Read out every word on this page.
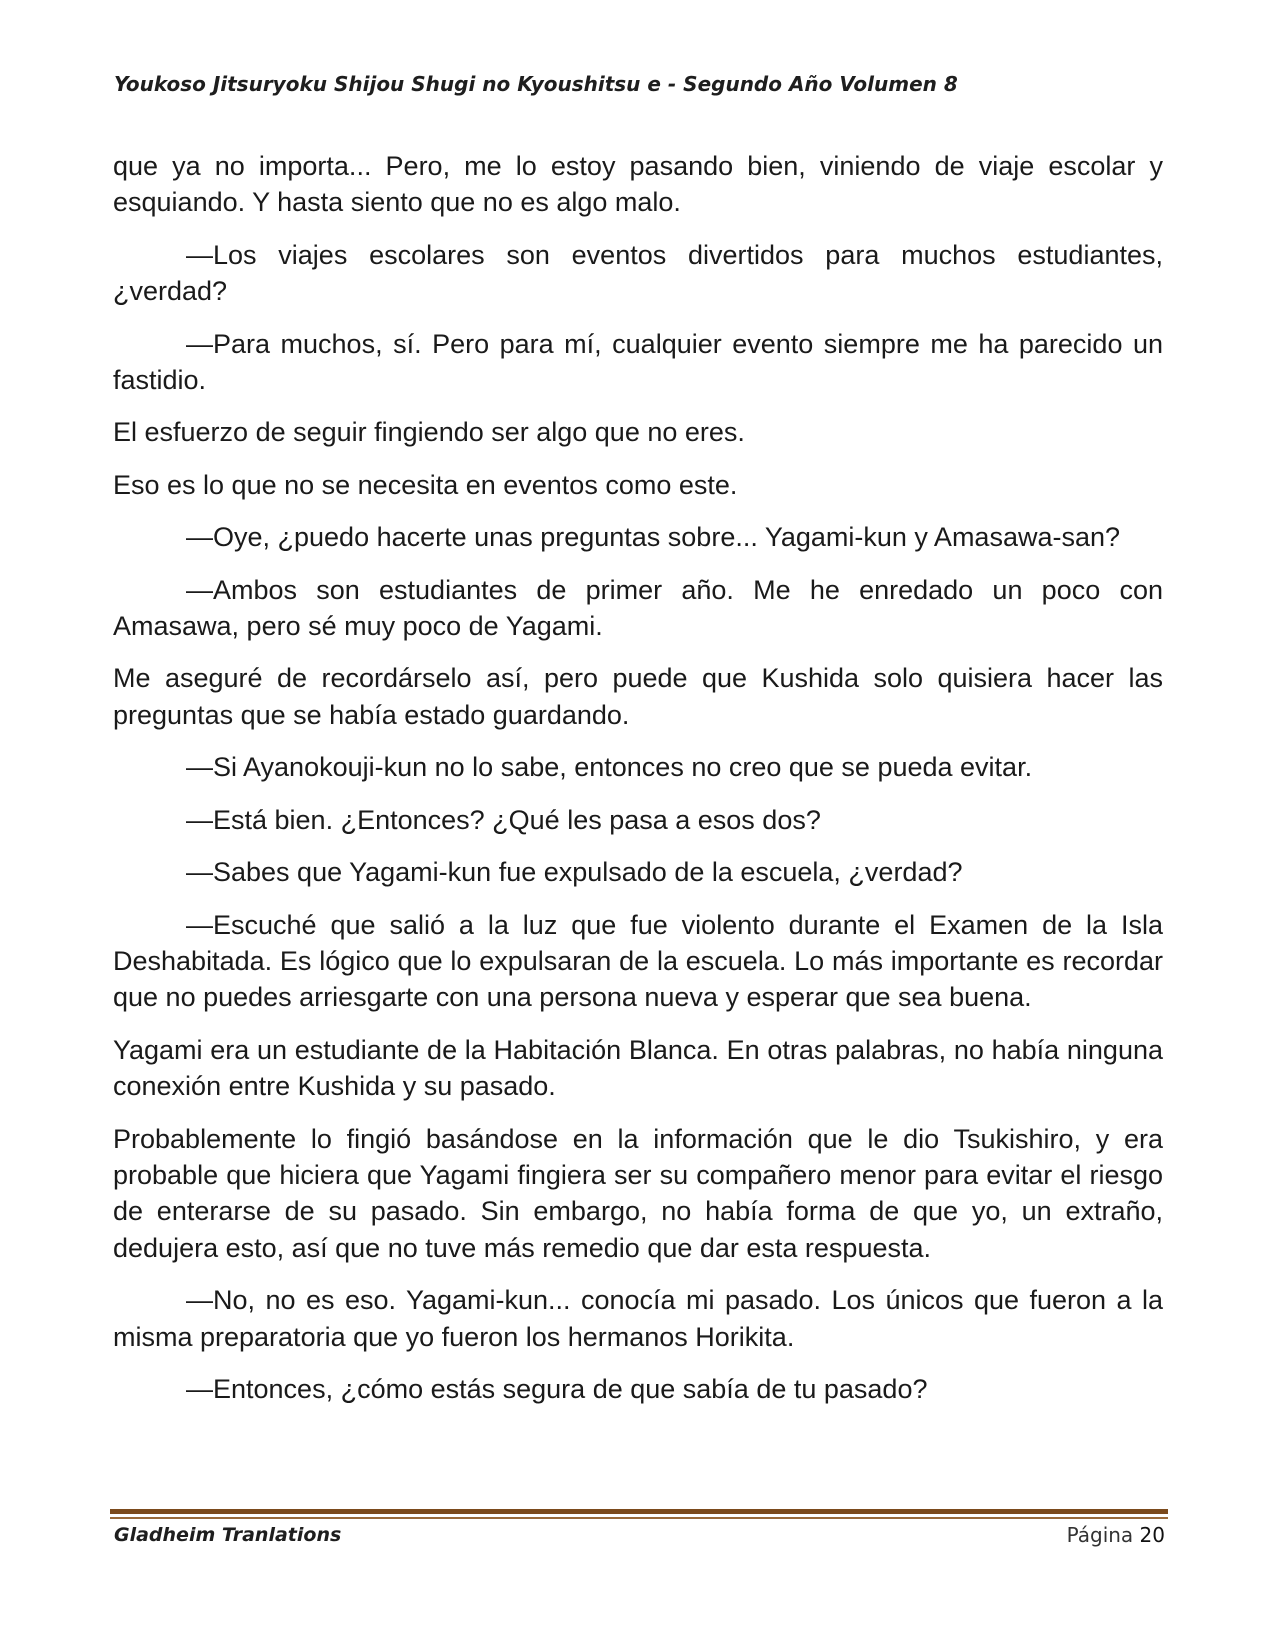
Youkoso Jitsuryoku Shijou Shugi no Kyoushitsu e - Segundo Año Volumen 8

que ya no importa... Pero, me lo estoy pasando bien, viniendo de viaje escolar y esquiando. Y hasta siento que no es algo malo.

—Los viajes escolares son eventos divertidos para muchos estudiantes, ¿verdad?

—Para muchos, sí. Pero para mí, cualquier evento siempre me ha parecido un fastidio.

El esfuerzo de seguir fingiendo ser algo que no eres.

Eso es lo que no se necesita en eventos como este.

—Oye, ¿puedo hacerte unas preguntas sobre... Yagami-kun y Amasawa-san?

—Ambos son estudiantes de primer año. Me he enredado un poco con Amasawa, pero sé muy poco de Yagami.

Me aseguré de recordárselo así, pero puede que Kushida solo quisiera hacer las preguntas que se había estado guardando.

—Si Ayanokouji-kun no lo sabe, entonces no creo que se pueda evitar.

—Está bien. ¿Entonces? ¿Qué les pasa a esos dos?

—Sabes que Yagami-kun fue expulsado de la escuela, ¿verdad?

—Escuché que salió a la luz que fue violento durante el Examen de la Isla Deshabitada. Es lógico que lo expulsaran de la escuela. Lo más importante es recordar que no puedes arriesgarte con una persona nueva y esperar que sea buena.

Yagami era un estudiante de la Habitación Blanca. En otras palabras, no había ninguna conexión entre Kushida y su pasado.

Probablemente lo fingió basándose en la información que le dio Tsukishiro, y era probable que hiciera que Yagami fingiera ser su compañero menor para evitar el riesgo de enterarse de su pasado. Sin embargo, no había forma de que yo, un extraño, dedujera esto, así que no tuve más remedio que dar esta respuesta.

—No, no es eso. Yagami-kun... conocía mi pasado. Los únicos que fueron a la misma preparatoria que yo fueron los hermanos Horikita.

—Entonces, ¿cómo estás segura de que sabía de tu pasado?

Gladheim Tranlations	Página 20
